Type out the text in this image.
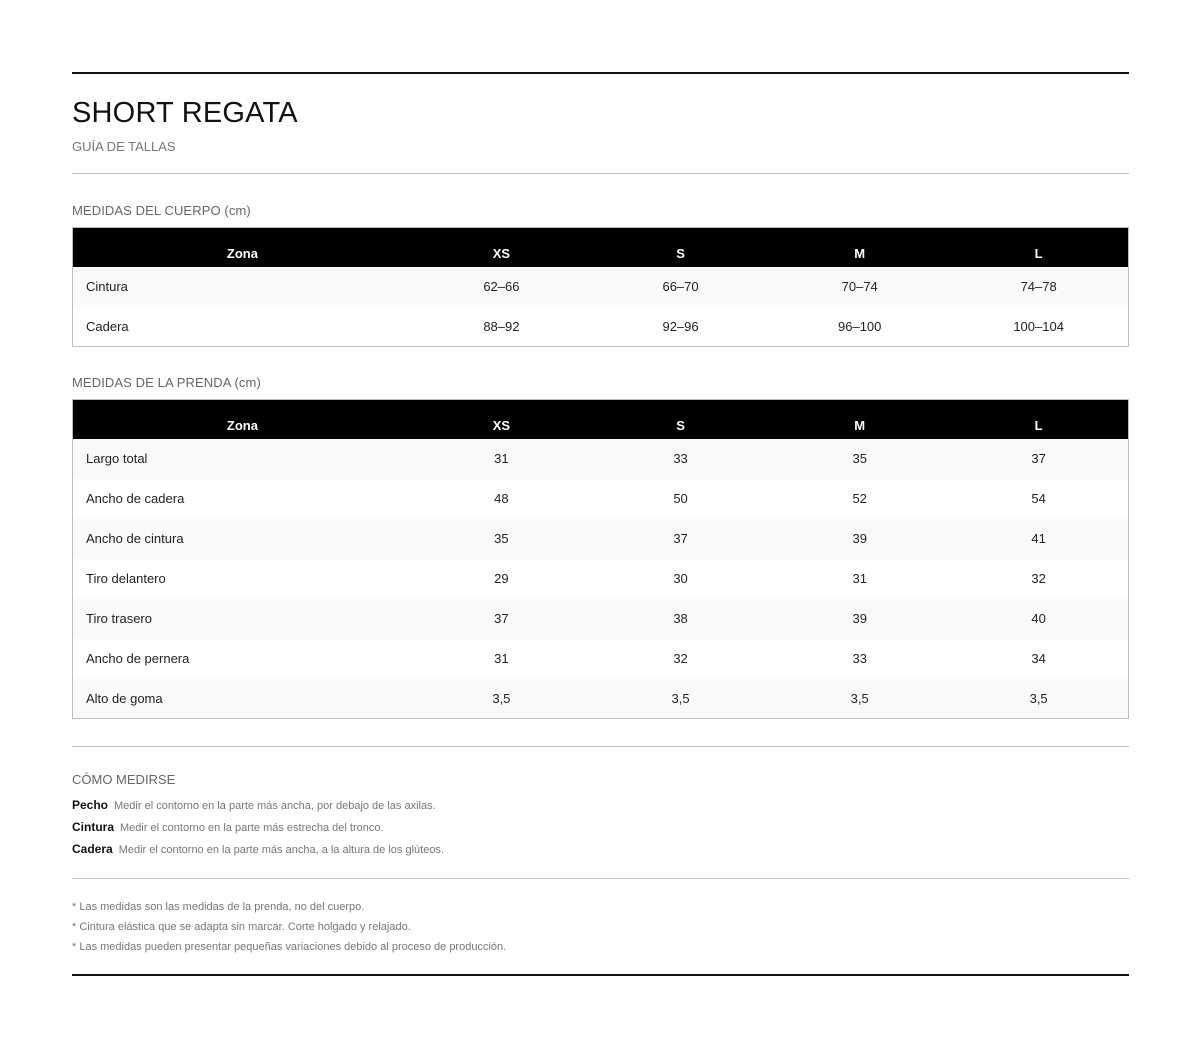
SHORT REGATA
GUÍA DE TALLAS
MEDIDAS DEL CUERPO (cm)
Zona	XS	S	M	L
Cintura	62–66	66–70	70–74	74–78
Cadera	88–92	92–96	96–100	100–104
MEDIDAS DE LA PRENDA (cm)
Zona	XS	S	M	L
Largo total	31	33	35	37
Ancho de cadera	48	50	52	54
Ancho de cintura	35	37	39	41
Tiro delantero	29	30	31	32
Tiro trasero	37	38	39	40
Ancho de pernera	31	32	33	34
Alto de goma	3,5	3,5	3,5	3,5
CÓMO MEDIRSE
Pecho Medir el contorno en la parte más ancha, por debajo de las axilas.
Cintura Medir el contorno en la parte más estrecha del tronco.
Cadera Medir el contorno en la parte más ancha, a la altura de los glúteos.
* Las medidas son las medidas de la prenda, no del cuerpo.
* Cintura elástica que se adapta sin marcar. Corte holgado y relajado.
* Las medidas pueden presentar pequeñas variaciones debido al proceso de producción.
